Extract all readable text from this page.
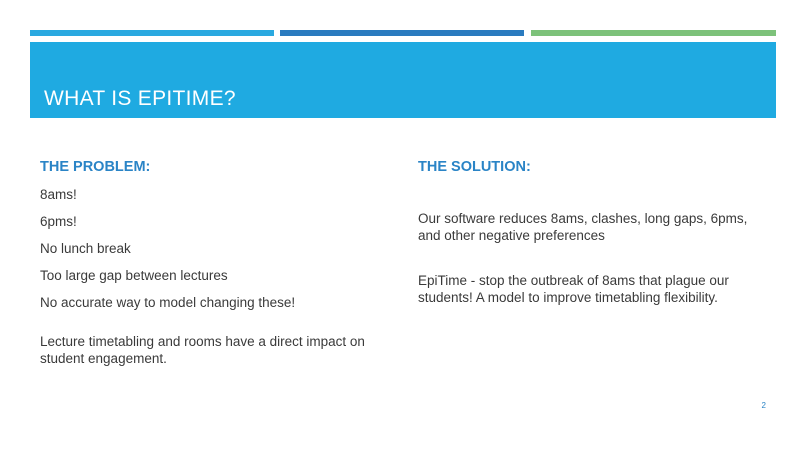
WHAT IS EPITIME?
THE PROBLEM:

8ams!

6pms!

No lunch break

Too large gap between lectures

No accurate way to model changing these!

Lecture timetabling and rooms have a direct impact on student engagement.

THE SOLUTION:

Our software reduces 8ams, clashes, long gaps, 6pms, and other negative preferences

EpiTime - stop the outbreak of 8ams that plague our students! A model to improve timetabling flexibility.

2
